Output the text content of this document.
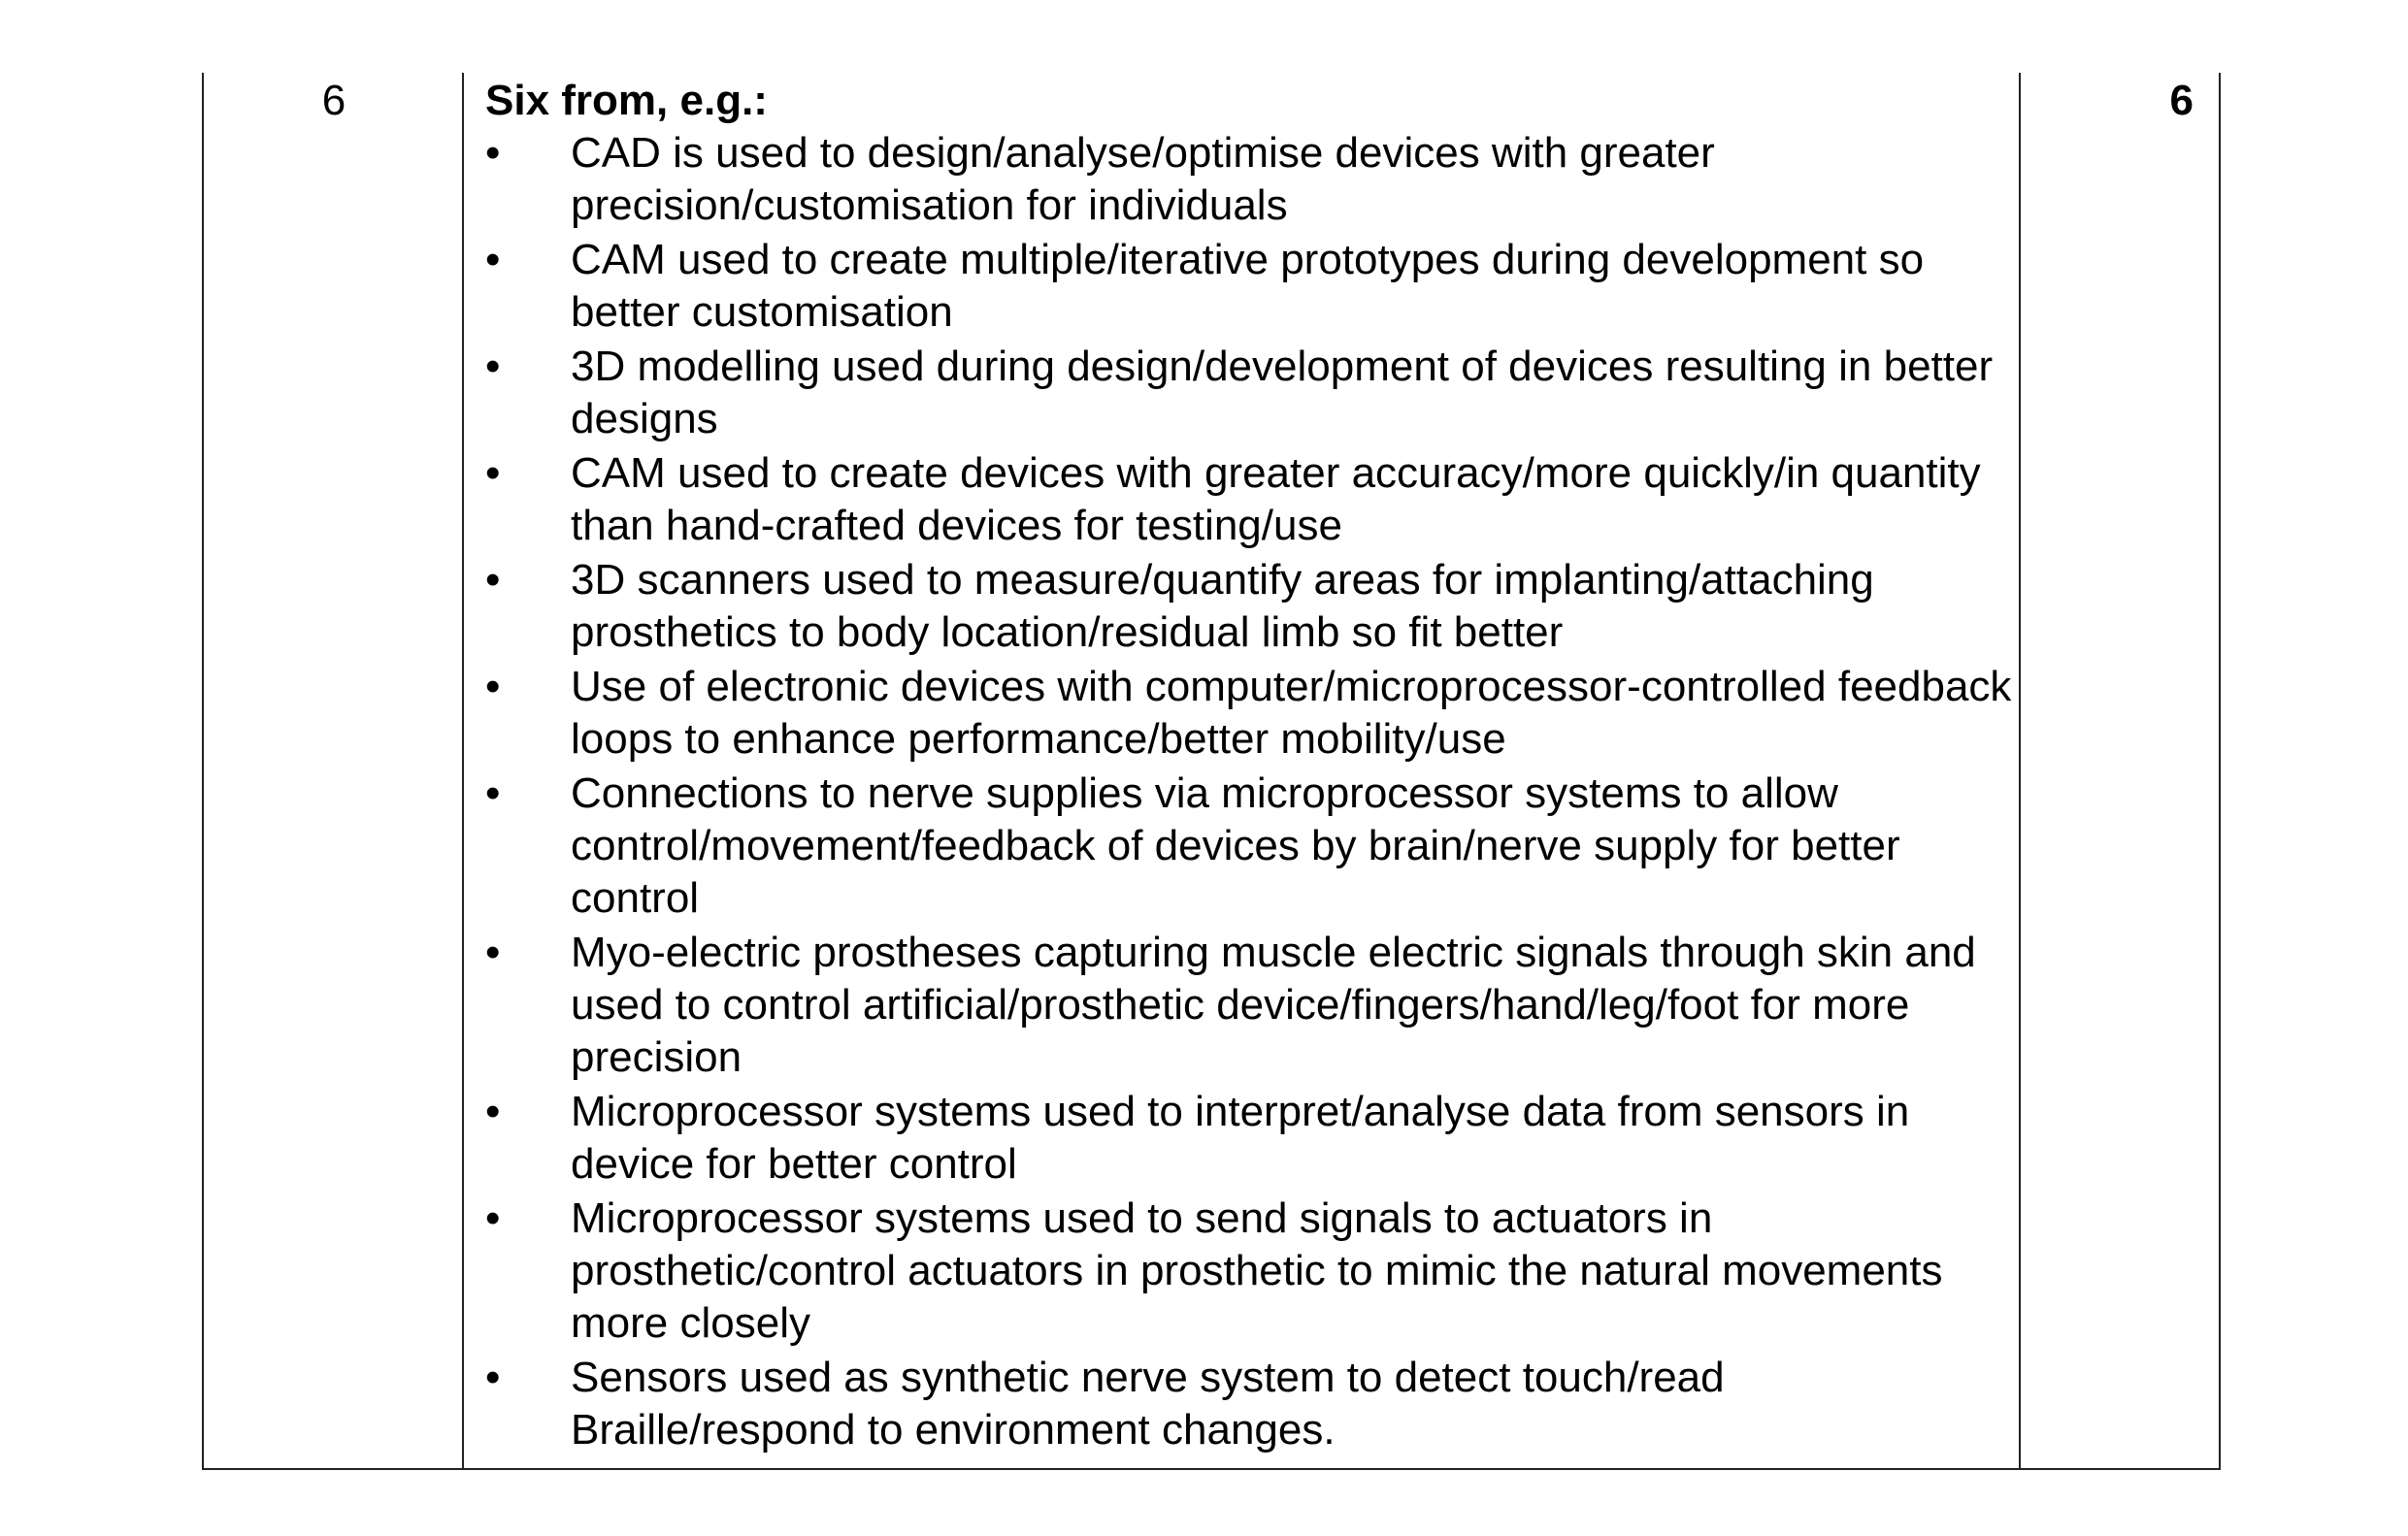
6	Six from, e.g.:
• CAD is used to design/analyse/optimise devices with greater precision/customisation for individuals
• CAM used to create multiple/iterative prototypes during development so better customisation
• 3D modelling used during design/development of devices resulting in better designs
• CAM used to create devices with greater accuracy/more quickly/in quantity than hand-crafted devices for testing/use
• 3D scanners used to measure/quantify areas for implanting/attaching prosthetics to body location/residual limb so fit better
• Use of electronic devices with computer/microprocessor-controlled feedback loops to enhance performance/better mobility/use
• Connections to nerve supplies via microprocessor systems to allow control/movement/feedback of devices by brain/nerve supply for better control
• Myo-electric prostheses capturing muscle electric signals through skin and used to control artificial/prosthetic device/fingers/hand/leg/foot for more precision
• Microprocessor systems used to interpret/analyse data from sensors in device for better control
• Microprocessor systems used to send signals to actuators in prosthetic/control actuators in prosthetic to mimic the natural movements more closely
• Sensors used as synthetic nerve system to detect touch/read Braille/respond to environment changes.
6
